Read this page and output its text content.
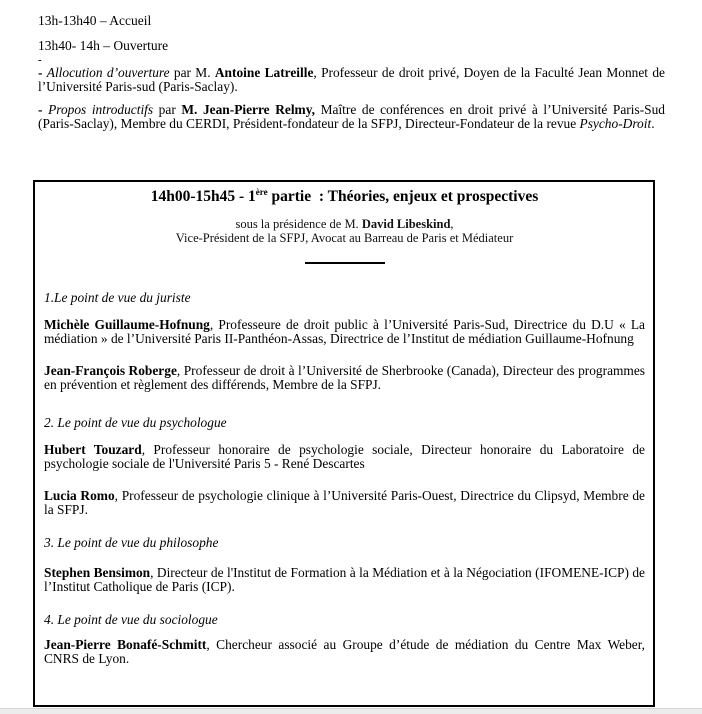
13h-13h40 – Accueil

13h40- 14h – Ouverture

-

- Allocution d’ouverture par M. Antoine Latreille, Professeur de droit privé, Doyen de la Faculté Jean Monnet de l’Université Paris-sud (Paris-Saclay).

- Propos introductifs par M. Jean-Pierre Relmy, Maître de conférences en droit privé à l’Université Paris-Sud (Paris-Saclay), Membre du CERDI, Président-fondateur de la SFPJ, Directeur-Fondateur de la revue Psycho-Droit.

14h00-15h45 - 1ère partie  : Théories, enjeux et prospectives

sous la présidence de M. David Libeskind,

Vice-Président de la SFPJ, Avocat au Barreau de Paris et Médiateur

1.Le point de vue du juriste

Michèle Guillaume-Hofnung, Professeure de droit public à l’Université Paris-Sud, Directrice du D.U « La médiation » de l’Université Paris II-Panthéon-Assas, Directrice de l’Institut de médiation Guillaume-Hofnung

Jean-François Roberge, Professeur de droit à l’Université de Sherbrooke (Canada), Directeur des programmes en prévention et règlement des différends, Membre de la SFPJ.

2. Le point de vue du psychologue

Hubert Touzard, Professeur honoraire de psychologie sociale, Directeur honoraire du Laboratoire de psychologie sociale de l'Université Paris 5 - René Descartes

Lucia Romo, Professeur de psychologie clinique à l’Université Paris-Ouest, Directrice du Clipsyd, Membre de la SFPJ.

3. Le point de vue du philosophe

Stephen Bensimon, Directeur de l'Institut de Formation à la Médiation et à la Négociation (IFOMENE-ICP) de l’Institut Catholique de Paris (ICP).

4. Le point de vue du sociologue

Jean-Pierre Bonafé-Schmitt, Chercheur associé au Groupe d’étude de médiation du Centre Max Weber, CNRS de Lyon.
